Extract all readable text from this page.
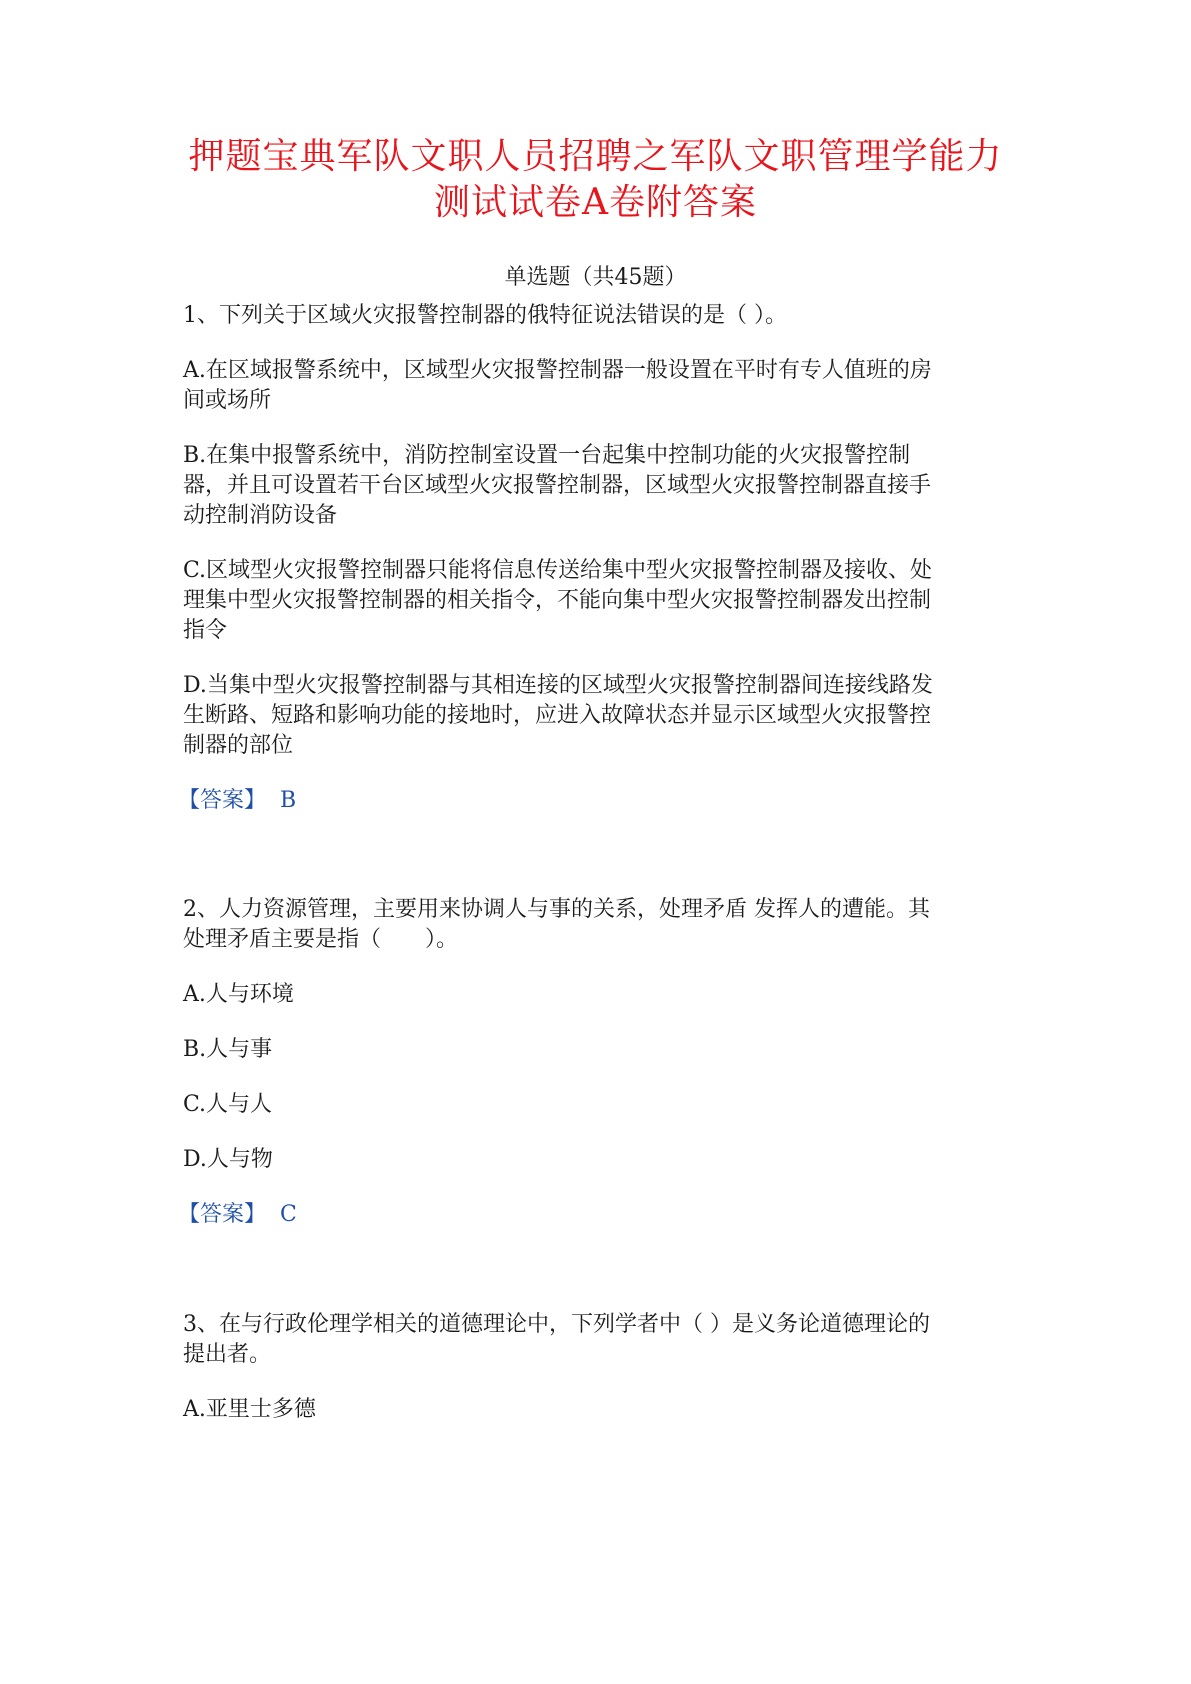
押题宝典军队文职人员招聘之军队文职管理学能力
测试试卷A卷附答案
单选题（共45题）
1、下列关于区域火灾报警控制器的俄特征说法错误的是（ ）。
A.在区域报警系统中，区域型火灾报警控制器一般设置在平时有专人值班的房
间或场所
B.在集中报警系统中，消防控制室设置一台起集中控制功能的火灾报警控制
器，并且可设置若干台区域型火灾报警控制器，区域型火灾报警控制器直接手
动控制消防设备
C.区域型火灾报警控制器只能将信息传送给集中型火灾报警控制器及接收、处
理集中型火灾报警控制器的相关指令，不能向集中型火灾报警控制器发出控制
指令
D.当集中型火灾报警控制器与其相连接的区域型火灾报警控制器间连接线路发
生断路、短路和影响功能的接地时，应进入故障状态并显示区域型火灾报警控
制器的部位
【答案】 B
2、人力资源管理，主要用来协调人与事的关系，处理矛盾 发挥人的遭能。其
处理矛盾主要是指（　　）。
A.人与环境
B.人与事
C.人与人
D.人与物
【答案】 C
3、在与行政伦理学相关的道德理论中，下列学者中（ ）是义务论道德理论的
提出者。
A.亚里士多德
